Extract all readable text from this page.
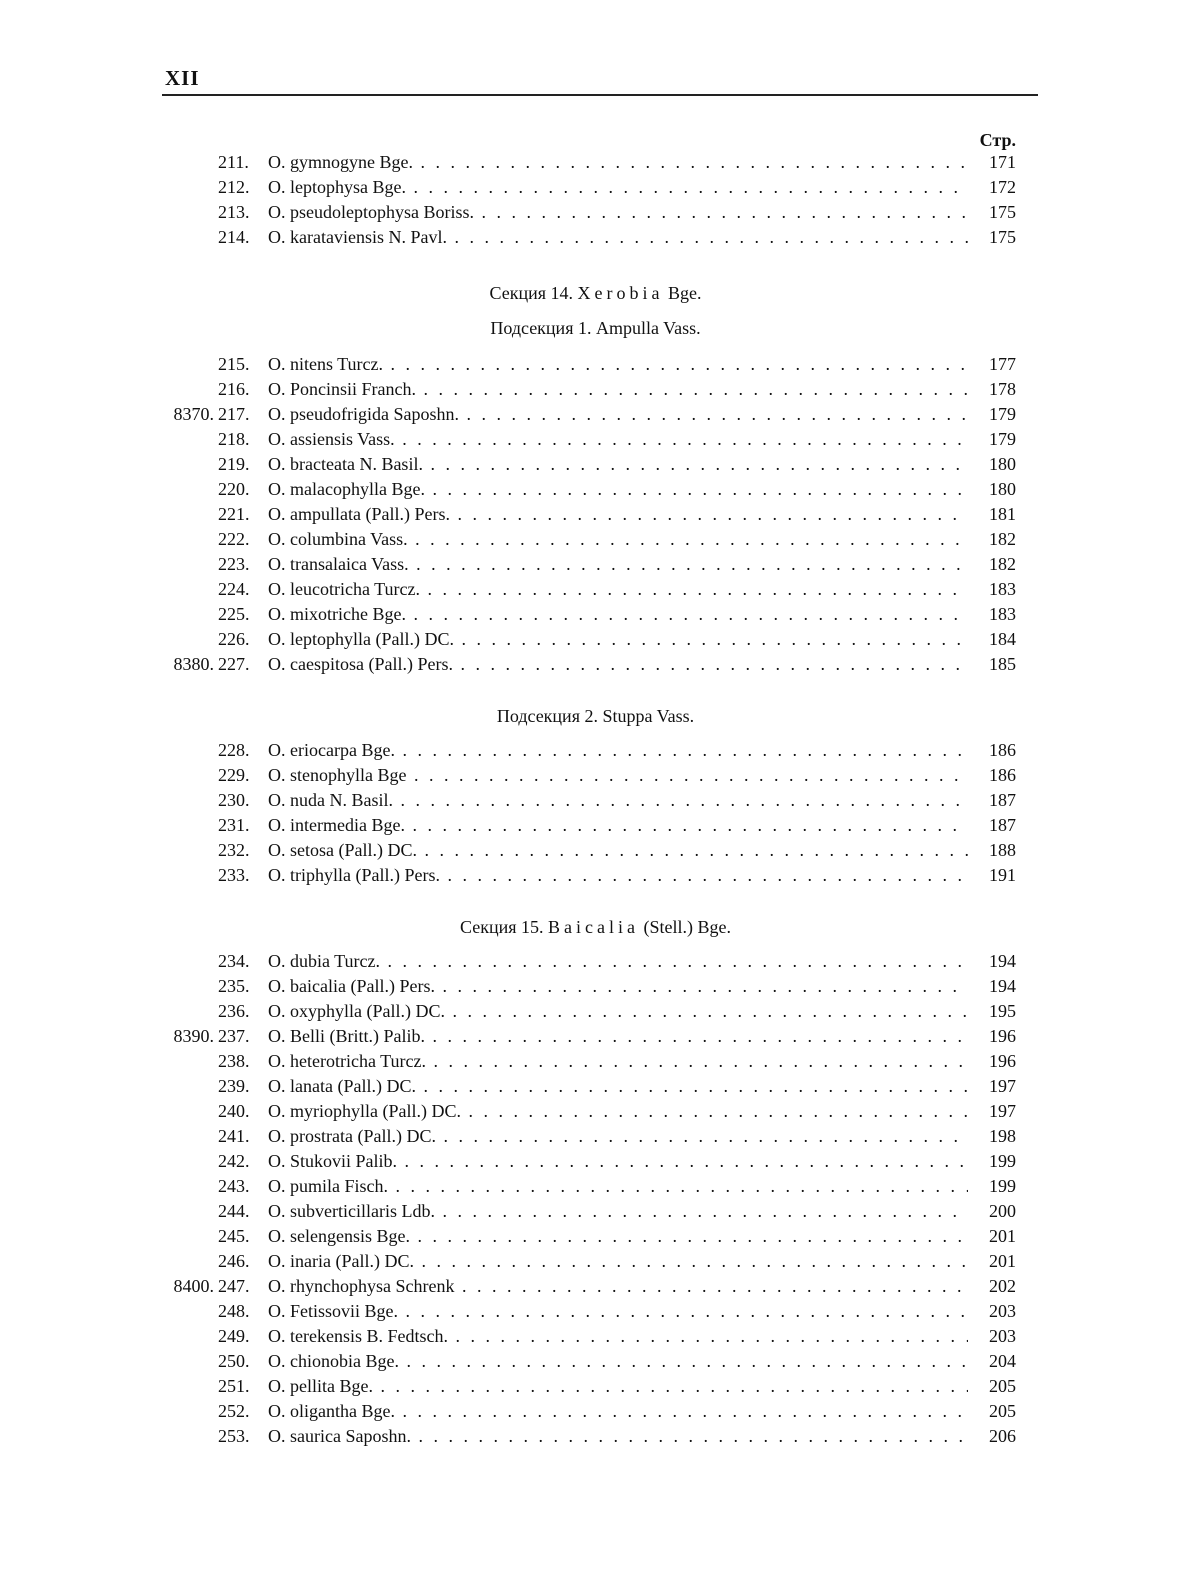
XII
Стр.
211.	O. gymnogyne Bge. . . .	171
212.	O. leptophysa Bge. . . .	172
213.	O. pseudoleptophysa Boriss. . . .	175
214.	O. karataviensis N. Pavl. . . .	175
Секция 14. Xerobia Bge.
Подсекция 1. Ampulla Vass.
215.	O. nitens Turcz. . . .	177
216.	O. Poncinsii Franch. . . .	178
8370. 217.	O. pseudofrigida Saposhn. . . .	179
218.	O. assiensis Vass. . . .	179
219.	O. bracteata N. Basil. . . .	180
220.	O. malacophylla Bge. . . .	180
221.	O. ampullata (Pall.) Pers. . . .	181
222.	O. columbina Vass. . . .	182
223.	O. transalaica Vass. . . .	182
224.	O. leucotricha Turcz. . . .	183
225.	O. mixotriche Bge. . . .	183
226.	O. leptophylla (Pall.) DC. . . .	184
8380. 227.	O. caespitosa (Pall.) Pers. . . .	185
Подсекция 2. Stuppa Vass.
228.	O. eriocarpa Bge. . . .	186
229.	O. stenophylla Bge . . .	186
230.	O. nuda N. Basil. . . .	187
231.	O. intermedia Bge. . . .	187
232.	O. setosa (Pall.) DC. . . .	188
233.	O. triphylla (Pall.) Pers. . . .	191
Секция 15. Baicalia (Stell.) Bge.
234.	O. dubia Turcz. . . .	194
235.	O. baicalia (Pall.) Pers. . . .	194
236.	O. oxyphylla (Pall.) DC. . . .	195
8390. 237.	O. Belli (Britt.) Palib. . . .	196
238.	O. heterotricha Turcz. . . .	196
239.	O. lanata (Pall.) DC. . . .	197
240.	O. myriophylla (Pall.) DC. . . .	197
241.	O. prostrata (Pall.) DC. . . .	198
242.	O. Stukovii Palib. . . .	199
243.	O. pumila Fisch. . . .	199
244.	O. subverticillaris Ldb. . . .	200
245.	O. selengensis Bge. . . .	201
246.	O. inaria (Pall.) DC. . . .	201
8400. 247.	O. rhynchophysa Schrenk . . .	202
248.	O. Fetissovii Bge. . . .	203
249.	O. terekensis B. Fedtsch. . . .	203
250.	O. chionobia Bge. . . .	204
251.	O. pellita Bge. . . .	205
252.	O. oligantha Bge. . . .	205
253.	O. saurica Saposhn. . . .	206
